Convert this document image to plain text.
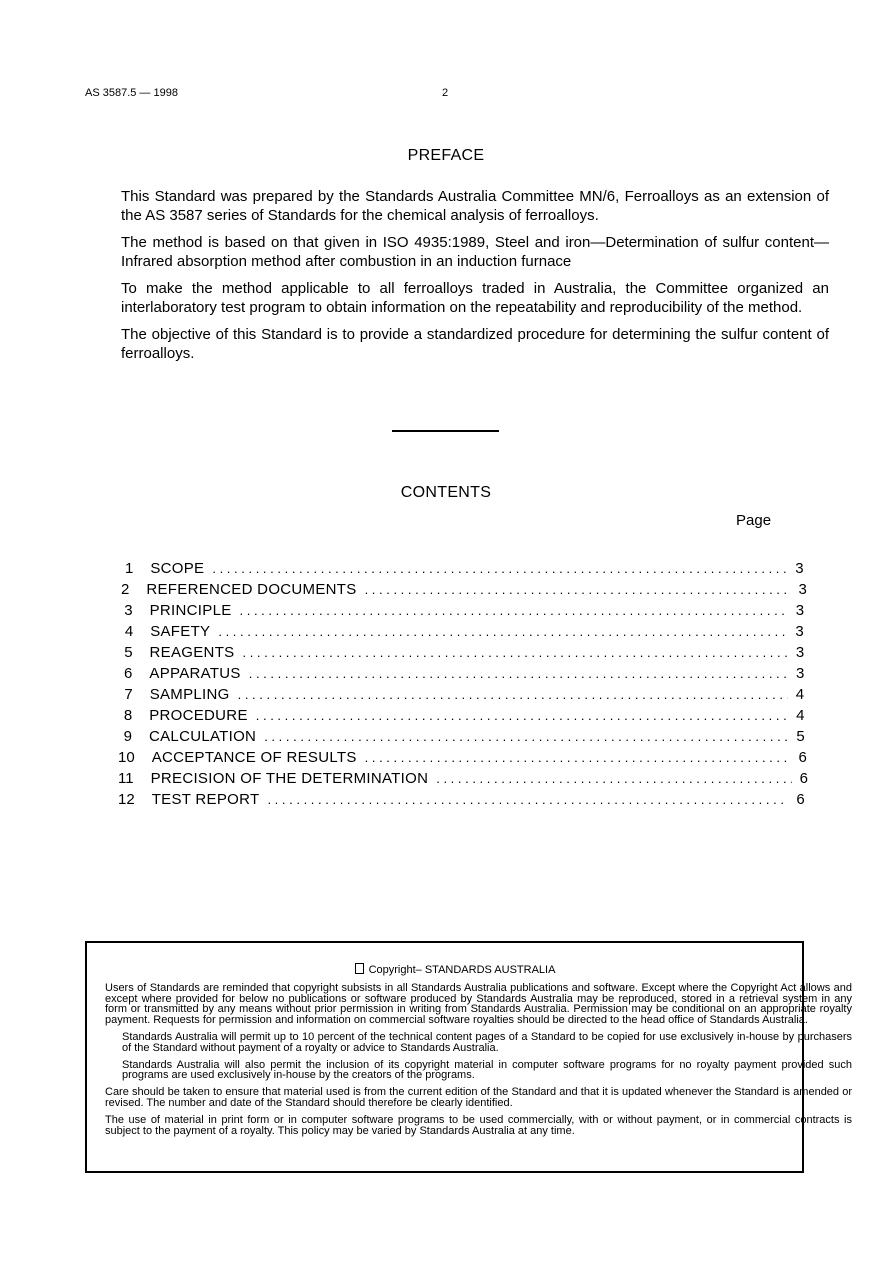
AS 3587.5 — 1998	2
PREFACE

This Standard was prepared by the Standards Australia Committee MN/6, Ferroalloys as an extension of the AS 3587 series of Standards for the chemical analysis of ferroalloys.

The method is based on that given in ISO 4935:1989, Steel and iron—Determination of sulfur content—Infrared absorption method after combustion in an induction furnace

To make the method applicable to all ferroalloys traded in Australia, the Committee organized an interlaboratory test program to obtain information on the repeatability and reproducibility of the method.

The objective of this Standard is to provide a standardized procedure for determining the sulfur content of ferroalloys.

CONTENTS
Page
1 SCOPE . . .	3
2 REFERENCED DOCUMENTS . . .	3
3 PRINCIPLE . . .	3
4 SAFETY . . .	3
5 REAGENTS . . .	3
6 APPARATUS . . .	3
7 SAMPLING . . .	4
8 PROCEDURE . . .	4
9 CALCULATION . . .	5
10 ACCEPTANCE OF RESULTS . . .	6
11 PRECISION OF THE DETERMINATION . . .	6
12 TEST REPORT . . .	6
Copyright– STANDARDS AUSTRALIA

Users of Standards are reminded that copyright subsists in all Standards Australia publications and software. Except where the Copyright Act allows and except where provided for below no publications or software produced by Standards Australia may be reproduced, stored in a retrieval system in any form or transmitted by any means without prior permission in writing from Standards Australia. Permission may be conditional on an appropriate royalty payment. Requests for permission and information on commercial software royalties should be directed to the head office of Standards Australia.

Standards Australia will permit up to 10 percent of the technical content pages of a Standard to be copied for use exclusively in-house by purchasers of the Standard without payment of a royalty or advice to Standards Australia.

Standards Australia will also permit the inclusion of its copyright material in computer software programs for no royalty payment provided such programs are used exclusively in-house by the creators of the programs.

Care should be taken to ensure that material used is from the current edition of the Standard and that it is updated whenever the Standard is amended or revised. The number and date of the Standard should therefore be clearly identified.

The use of material in print form or in computer software programs to be used commercially, with or without payment, or in commercial contracts is subject to the payment of a royalty. This policy may be varied by Standards Australia at any time.
